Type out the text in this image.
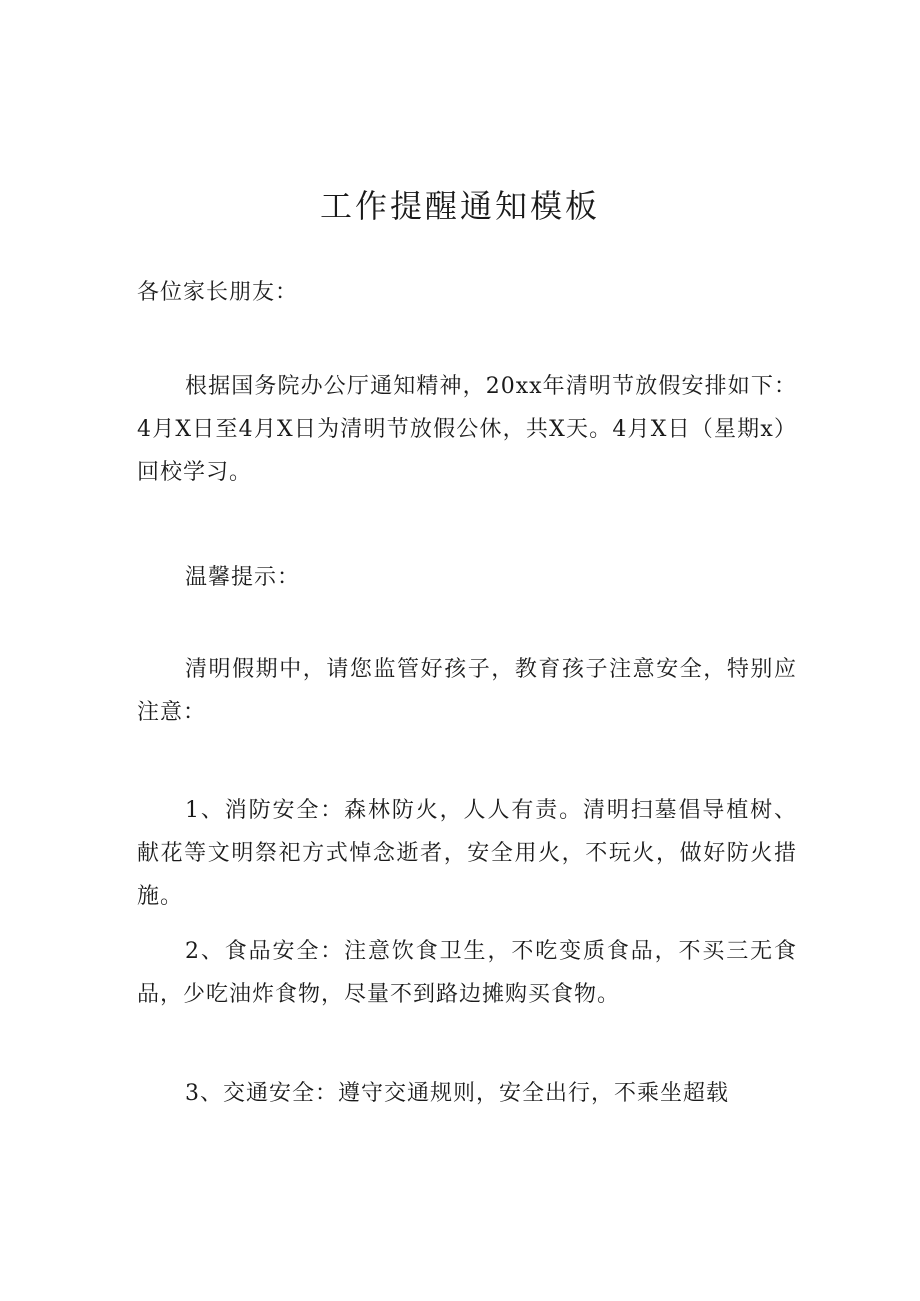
工作提醒通知模板

各位家长朋友：

根据国务院办公厅通知精神，20xx年清明节放假安排如下：4月X日至4月X日为清明节放假公休，共X天。4月X日（星期x）回校学习。

温馨提示：

清明假期中，请您监管好孩子，教育孩子注意安全，特别应注意：

1、消防安全：森林防火，人人有责。清明扫墓倡导植树、献花等文明祭祀方式悼念逝者，安全用火，不玩火，做好防火措施。

2、食品安全：注意饮食卫生，不吃变质食品，不买三无食品，少吃油炸食物，尽量不到路边摊购买食物。

3、交通安全：遵守交通规则，安全出行，不乘坐超载
